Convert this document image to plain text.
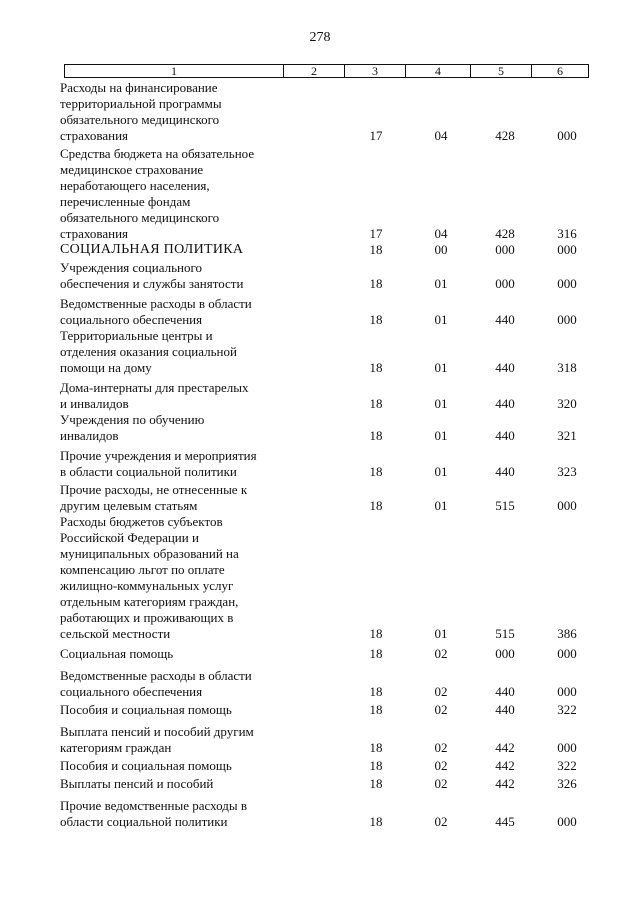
278
1	2	3	4	5	6
Расходы на финансирование
территориальной программы
обязательного медицинского
страхования	17	04	428	000
Средства бюджета на обязательное
медицинское страхование
неработающего населения,
перечисленные фондам
обязательного медицинского
страхования	17	04	428	316
СОЦИАЛЬНАЯ ПОЛИТИКА	18	00	000	000
Учреждения социального
обеспечения и службы занятости	18	01	000	000
Ведомственные расходы в области
социального обеспечения	18	01	440	000
Территориальные центры и
отделения оказания социальной
помощи на дому	18	01	440	318
Дома-интернаты для престарелых
и инвалидов	18	01	440	320
Учреждения по обучению
инвалидов	18	01	440	321
Прочие учреждения и мероприятия
в области социальной политики	18	01	440	323
Прочие расходы, не отнесенные к
другим целевым статьям	18	01	515	000
Расходы бюджетов субъектов
Российской Федерации и
муниципальных образований на
компенсацию льгот по оплате
жилищно-коммунальных услуг
отдельным категориям граждан,
работающих и проживающих в
сельской местности	18	01	515	386
Социальная помощь	18	02	000	000
Ведомственные расходы в области
социального обеспечения	18	02	440	000
Пособия и социальная помощь	18	02	440	322
Выплата пенсий и пособий другим
категориям граждан	18	02	442	000
Пособия и социальная помощь	18	02	442	322
Выплаты пенсий и пособий	18	02	442	326
Прочие ведомственные расходы в
области социальной политики	18	02	445	000
